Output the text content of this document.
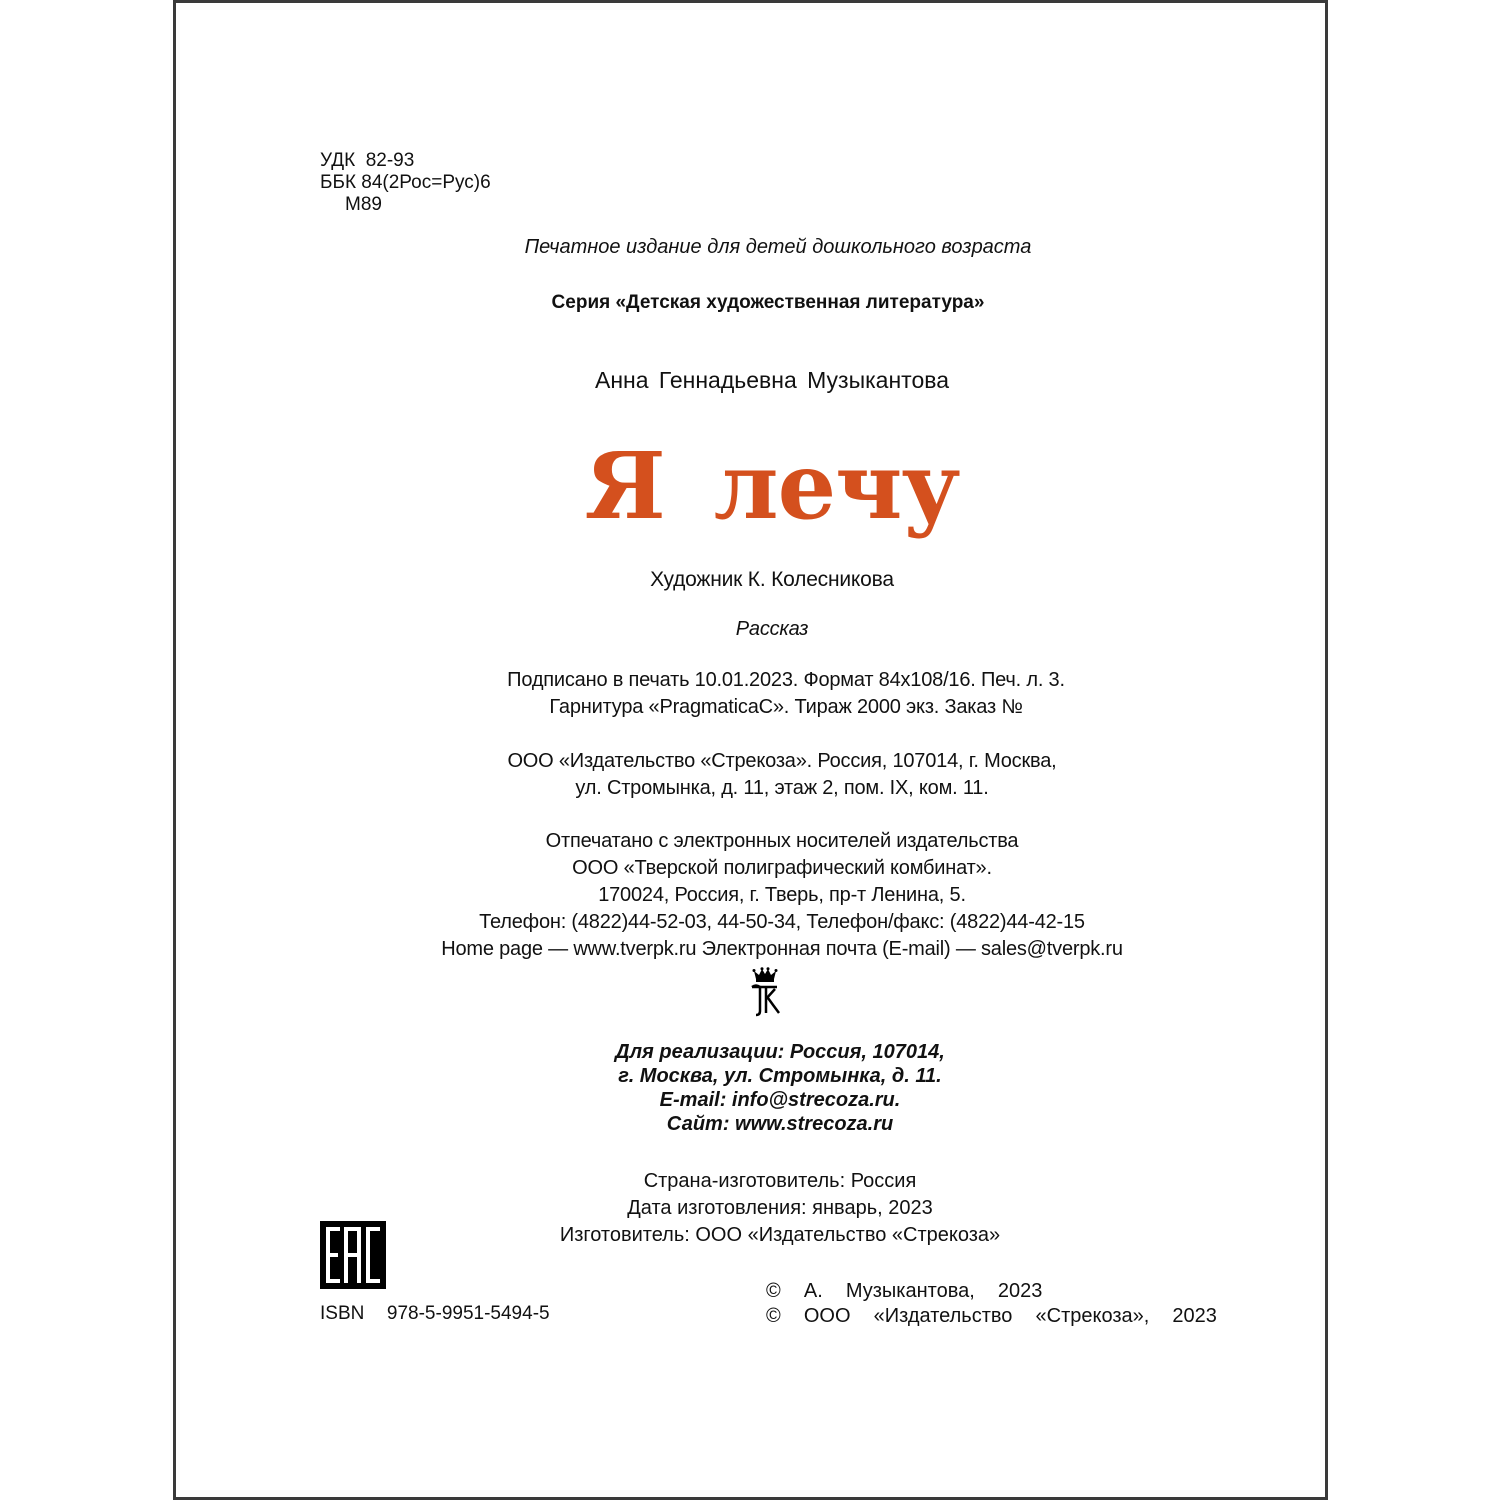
УДК  82-93
ББК 84(2Рос=Рус)6
М89
Печатное издание для детей дошкольного возраста
Серия «Детская художественная литература»
Анна Геннадьевна Музыкантова
Я лечу
Художник К. Колесникова
Рассказ
Подписано в печать 10.01.2023. Формат 84х108/16. Печ. л. 3.
Гарнитура «PragmaticaC». Тираж 2000 экз. Заказ №
ООО «Издательство «Стрекоза». Россия, 107014, г. Москва,
ул. Стромынка, д. 11, этаж 2, пом. IX, ком. 11.
Отпечатано с электронных носителей издательства
ООО «Тверской полиграфический комбинат».
170024, Россия, г. Тверь, пр-т Ленина, 5.
Телефон: (4822)44-52-03, 44-50-34, Телефон/факс: (4822)44-42-15
Home page — www.tverpk.ru Электронная почта (E-mail) — sales@tverpk.ru
Для реализации: Россия, 107014,
г. Москва, ул. Стромынка, д. 11.
E-mail: info@strecoza.ru.
Сайт: www.strecoza.ru
Страна-изготовитель: Россия
Дата изготовления: январь, 2023
Изготовитель: ООО «Издательство «Стрекоза»
ISBN  978-5-9951-5494-5
©  А.  Музыкантова,  2023
©  ООО  «Издательство  «Стрекоза»,  2023
